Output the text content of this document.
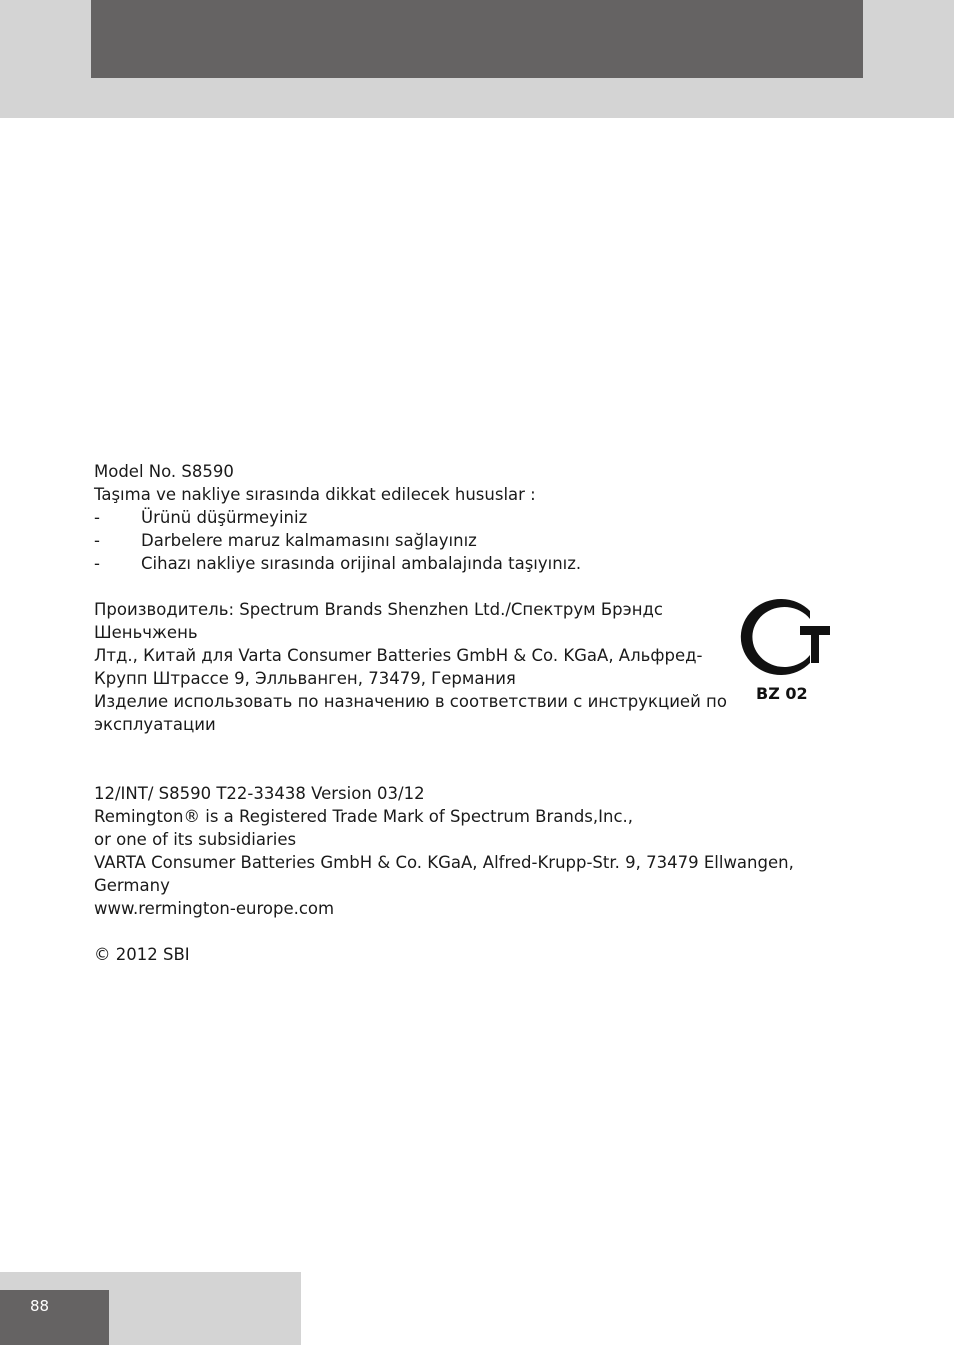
Model No. S8590
Taşıma ve nakliye sırasında dikkat edilecek hususlar :
-	Ürünü düşürmeyiniz
-	Darbelere maruz kalmamasını sağlayınız
-	Cihazı nakliye sırasında orijinal ambalajında taşıyınız.
Производитель: Spectrum Brands Shenzhen Ltd./Спектрум Брэндс
Шеньчжень
Лтд., Китай для Varta Consumer Batteries GmbH & Co. KGaA, Альфред-
Крупп Штрассе 9, Элльванген, 73479, Германия
Изделие использовать по назначению в соответствии с инструкцией по
эксплуатации
12/INT/ S8590 T22-33438 Version 03/12
Remington® is a Registered Trade Mark of Spectrum Brands,Inc.,
or one of its subsidiaries
VARTA Consumer Batteries GmbH & Co. KGaA, Alfred-Krupp-Str. 9, 73479 Ellwangen,
Germany
www.rermington-europe.com
© 2012 SBI
BZ 02
88
